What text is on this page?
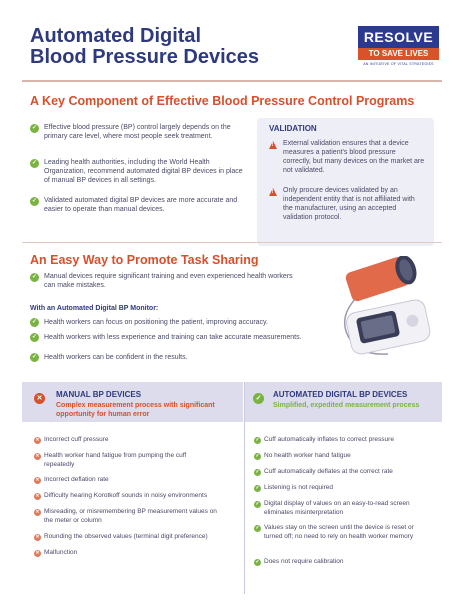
Automated Digital
Blood Pressure Devices
RESOLVE
TO SAVE LIVES
AN INITIATIVE OF VITAL STRATEGIES
A Key Component of Effective Blood Pressure Control Programs
✓ Effective blood pressure (BP) control largely depends on the primary care level, where most people seek treatment.
✓ Leading health authorities, including the World Health Organization, recommend automated digital BP devices in place of manual BP devices in all settings.
✓ Validated automated digital BP devices are more accurate and easier to operate than manual devices.
VALIDATION
! External validation ensures that a device measures a patient's blood pressure correctly, but many devices on the market are not validated.
! Only procure devices validated by an independent entity that is not affiliated with the manufacturer, using an accepted validation protocol.
An Easy Way to Promote Task Sharing
✓ Manual devices require significant training and even experienced health workers can make mistakes.
With an Automated Digital BP Monitor:
✓ Health workers can focus on positioning the patient, improving accuracy.
✓ Health workers with less experience and training can take accurate measurements.
✓ Health workers can be confident in the results.
✕	MANUAL BP DEVICES
Complex measurement process with significant opportunity for human error
✓	AUTOMATED DIGITAL BP DEVICES
Simplified, expedited measurement process
✕ Incorrect cuff pressure
✕ Health worker hand fatigue from pumping the cuff repeatedly
✕ Incorrect deflation rate
✕ Difficulty hearing Korotkoff sounds in noisy environments
✕ Misreading, or misremembering BP measurement values on the meter or column
✕ Rounding the observed values (terminal digit preference)
✕ Malfunction
✓ Cuff automatically inflates to correct pressure
✓ No health worker hand fatigue
✓ Cuff automatically deflates at the correct rate
✓ Listening is not required
✓ Digital display of values on an easy-to-read screen eliminates misinterpretation
✓ Values stay on the screen until the device is reset or turned off; no need to rely on health worker memory
✓ Does not require calibration
